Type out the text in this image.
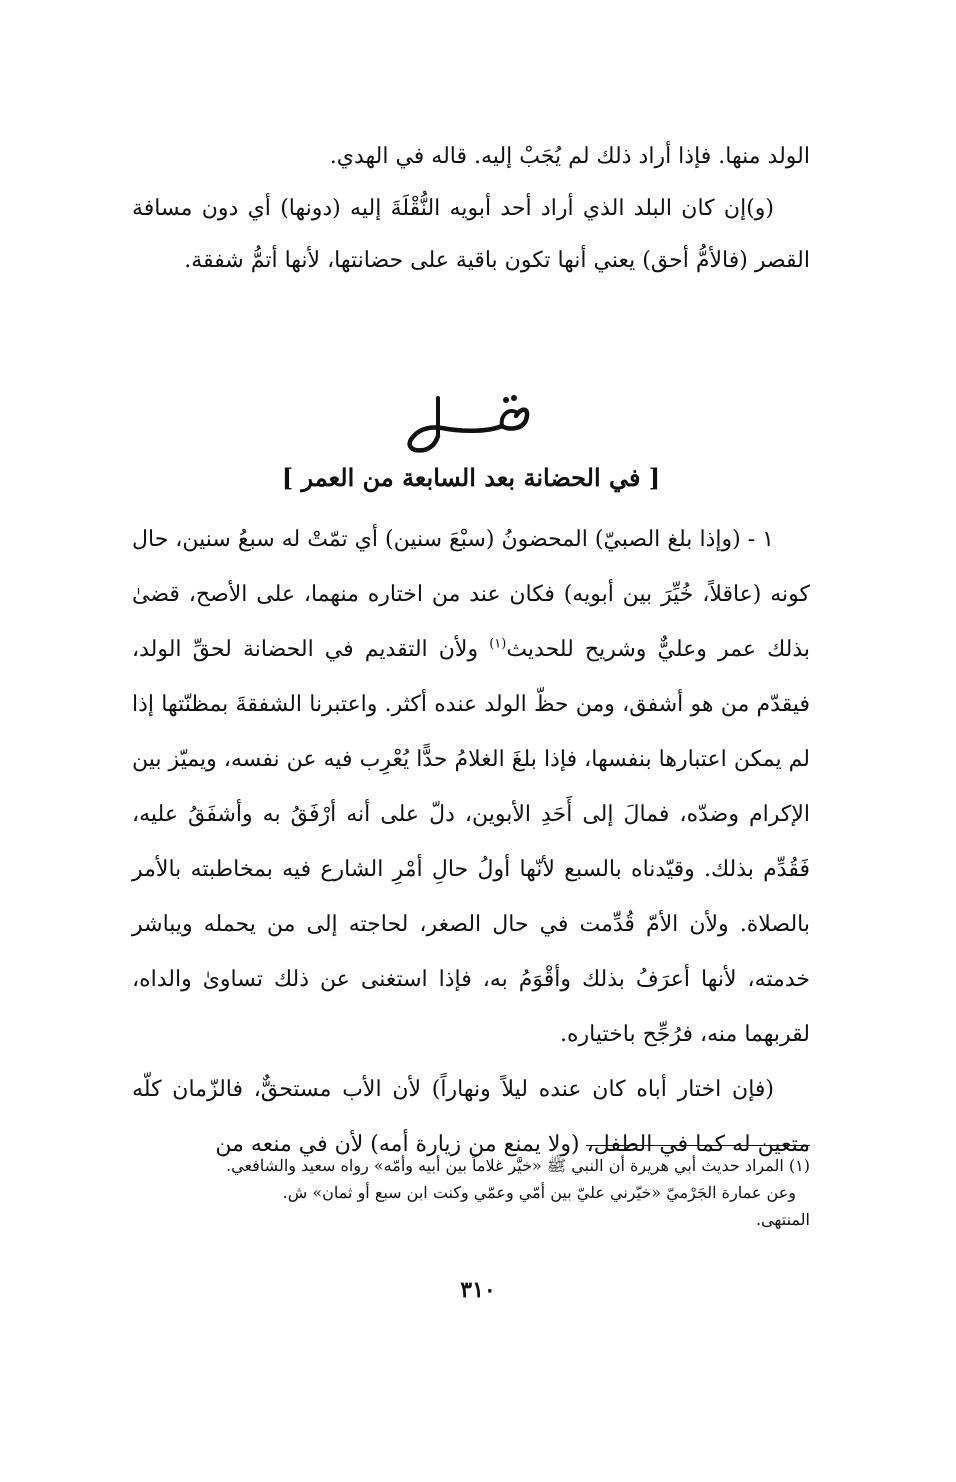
الولد منها. فإذا أراد ذلك لم يُجَبْ إليه. قاله في الهدي.

(و)إن كان البلد الذي أراد أحد أبويه النُّقْلَةَ إليه (دونها) أي دون مسافة القصر (فالأمُّ أحق) يعني أنها تكون باقية على حضانتها، لأنها أتمُّ شفقة.

[ في الحضانة بعد السابعة من العمر ]

١ - (وإذا بلغ الصبيّ) المحضونُ (سبْعَ سنين) أي تمّتْ له سبعُ سنين، حال كونه (عاقلاً، خُيِّرَ بين أبويه) فكان عند من اختاره منهما، على الأصح، قضىٰ بذلك عمر وعليٌّ وشريح للحديث$^{(١)}$ ولأن التقديم في الحضانة لحقِّ الولد، فيقدّم من هو أشفق، ومن حظّ الولد عنده أكثر. واعتبرنا الشفقةَ بمظنّتها إذا لم يمكن اعتبارها بنفسها، فإذا بلغَ الغلامُ حدًّا يُعْرِب فيه عن نفسه، ويميّز بين الإكرام وضدّه، فمالَ إلى أَحَدِ الأبوين، دلّ على أنه أرْفَقُ به وأشفَقُ عليه، فَقُدِّم بذلك. وقيّدناه بالسبع لأنّها أولُ حالِ أمْرِ الشارع فيه بمخاطبته بالأمر بالصلاة. ولأن الأمّ قُدِّمت في حال الصغر، لحاجته إلى من يحمله ويباشر خدمته، لأنها أعرَفُ بذلك وأقْوَمُ به، فإذا استغنى عن ذلك تساوىٰ والداه، لقربهما منه، فرُجِّح باختياره.

(فإن اختار أباه كان عنده ليلاً ونهاراً) لأن الأب مستحقٌّ، فالزّمان كلّه متعين له كما في الطفل، (ولا يمنع من زيارة أمه) لأن في منعه من

(١) المراد حديث أبي هريرة أن النبي ﷺ «خيَّر غلاماً بين أبيه وأمّه» رواه سعيد والشافعي.

وعن عمارة الجَرْميّ «خيّرني عليّ بين أمّي وعمّي وكنت ابن سبع أو ثمان» ش.

المنتهى.

٣١٠
